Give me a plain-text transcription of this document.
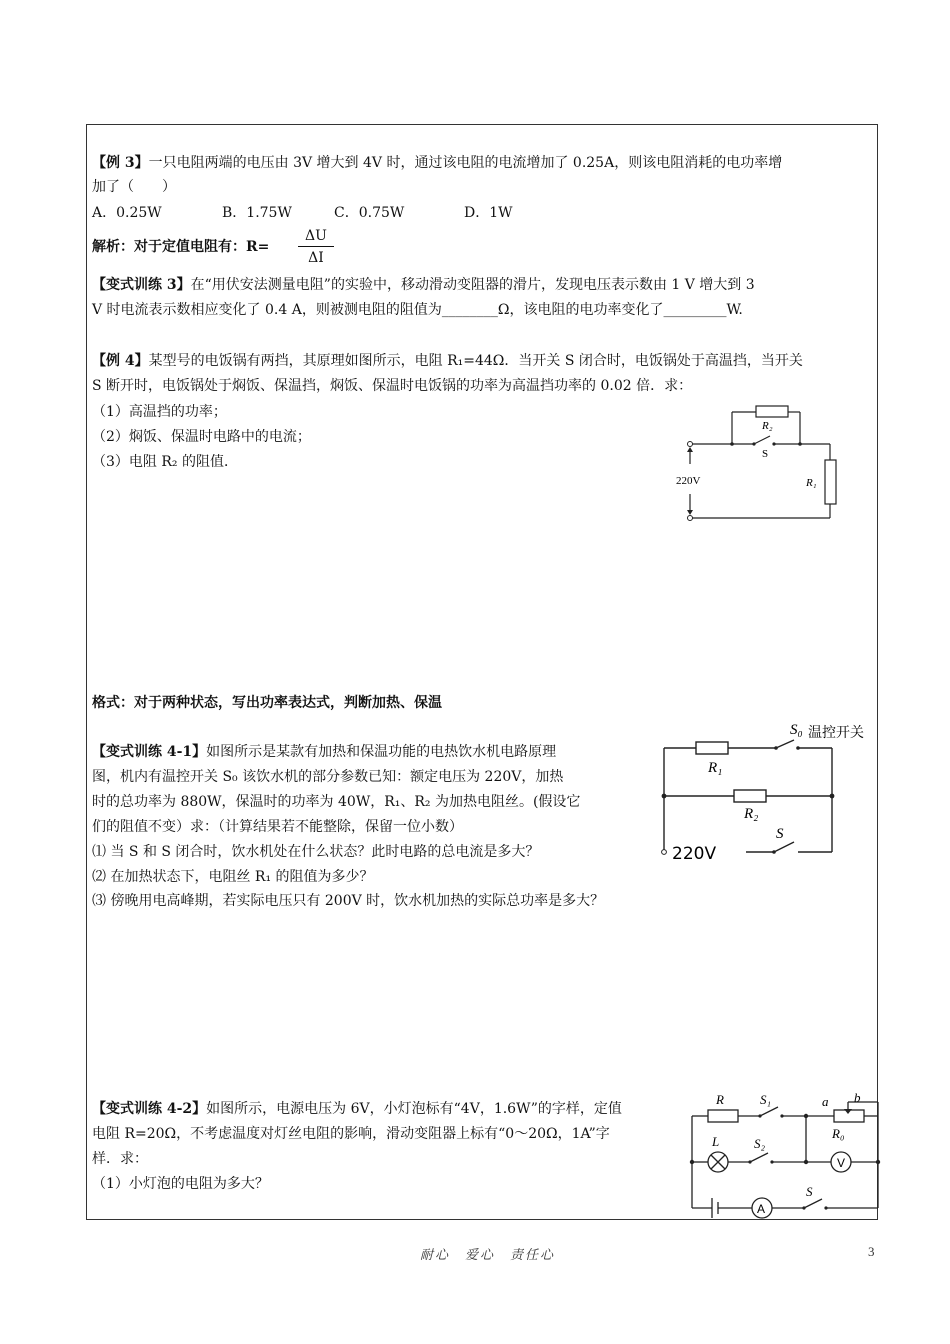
【例 3】一只电阻两端的电压由 3V 增大到 4V 时，通过该电阻的电流增加了 0.25A，则该电阻消耗的电功率增
加了（　　）
A．0.25W	B．1.75W	C．0.75W	D．1W
解析：对于定值电阻有：$R= \frac{\Delta U}{\Delta I}$
【变式训练 3】在“用伏安法测量电阻”的实验中，移动滑动变阻器的滑片，发现电压表示数由 1 V 增大到 3
V 时电流表示数相应变化了 0.4 A，则被测电阻的阻值为________Ω，该电阻的电功率变化了_________W.
【例 4】某型号的电饭锅有两挡，其原理如图所示，电阻 R₁=44Ω．当开关 S 闭合时，电饭锅处于高温挡，当开关
S 断开时，电饭锅处于焖饭、保温挡，焖饭、保温时电饭锅的功率为高温挡功率的 0.02 倍．求：
（1）高温挡的功率；
（2）焖饭、保温时电路中的电流；
（3）电阻 R₂ 的阻值．
220V
R₂
S
R₁
格式：对于两种状态，写出功率表达式，判断加热、保温
【变式训练 4-1】如图所示是某款有加热和保温功能的电热饮水机电路原理
图，机内有温控开关 S₀ 该饮水机的部分参数已知：额定电压为 220V，加热
时的总功率为 880W，保温时的功率为 40W，R₁、R₂ 为加热电阻丝。(假设它
们的阻值不变）求：（计算结果若不能整除，保留一位小数）
⑴ 当 S 和 S 闭合时，饮水机处在什么状态？此时电路的总电流是多大？
⑵ 在加热状态下，电阻丝 R₁ 的阻值为多少？
⑶ 傍晚用电高峰期，若实际电压只有 200V 时，饮水机加热的实际总功率是多大？
S₀ 温控开关
R₁
R₂
S
220V
【变式训练 4-2】如图所示，电源电压为 6V，小灯泡标有“4V，1.6W”的字样，定值
电阻 R=20Ω，不考虑温度对灯丝电阻的影响，滑动变阻器上标有“0～20Ω，1A”字
样．求：
（1）小灯泡的电阻为多大？
R	S₁	a b
R₀
L	S₂
V
A
S
耐心　爱心　责任心	3
